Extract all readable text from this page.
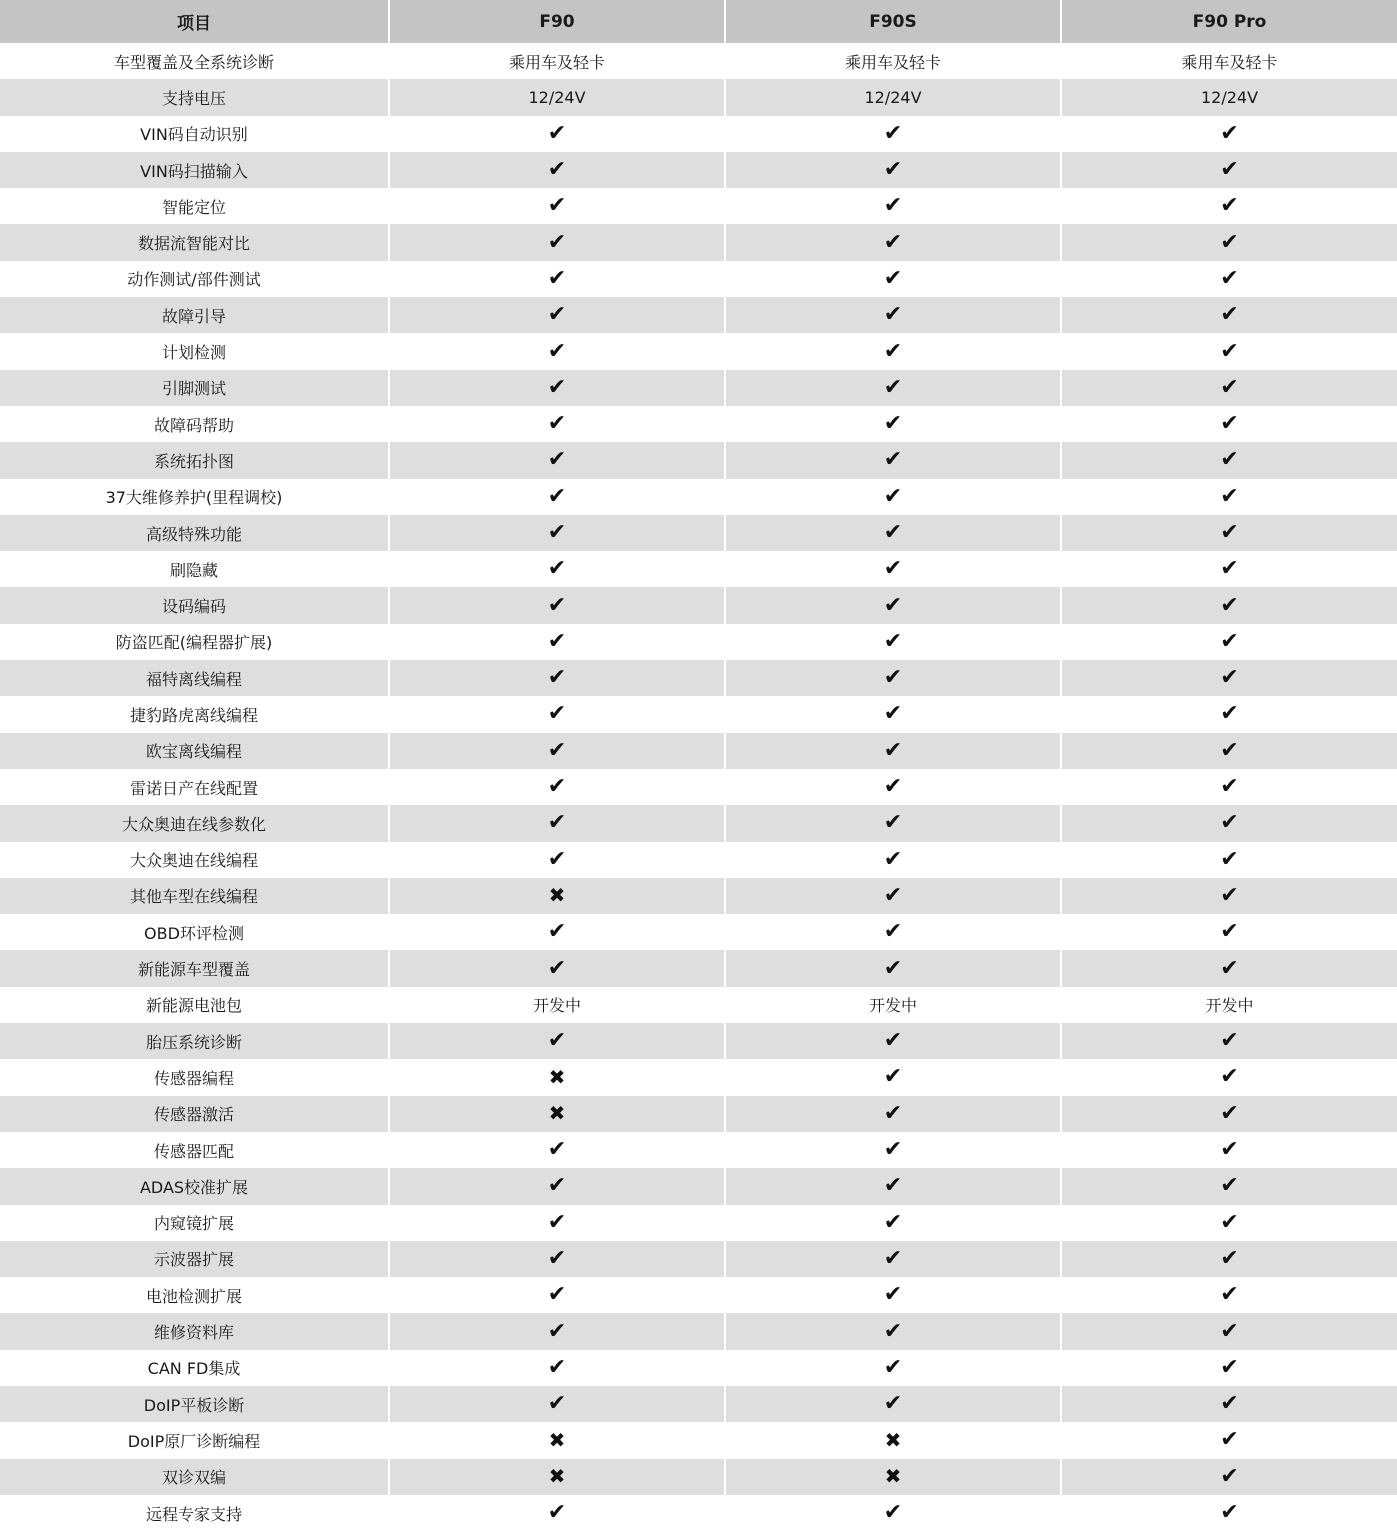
项目	F90	F90S	F90 Pro
车型覆盖及全系统诊断	乘用车及轻卡	乘用车及轻卡	乘用车及轻卡
支持电压	12/24V	12/24V	12/24V
VIN码自动识别	✔	✔	✔
VIN码扫描输入	✔	✔	✔
智能定位	✔	✔	✔
数据流智能对比	✔	✔	✔
动作测试/部件测试	✔	✔	✔
故障引导	✔	✔	✔
计划检测	✔	✔	✔
引脚测试	✔	✔	✔
故障码帮助	✔	✔	✔
系统拓扑图	✔	✔	✔
37大维修养护(里程调校)	✔	✔	✔
高级特殊功能	✔	✔	✔
刷隐藏	✔	✔	✔
设码编码	✔	✔	✔
防盗匹配(编程器扩展)	✔	✔	✔
福特离线编程	✔	✔	✔
捷豹路虎离线编程	✔	✔	✔
欧宝离线编程	✔	✔	✔
雷诺日产在线配置	✔	✔	✔
大众奥迪在线参数化	✔	✔	✔
大众奥迪在线编程	✔	✔	✔
其他车型在线编程	✖	✔	✔
OBD环评检测	✔	✔	✔
新能源车型覆盖	✔	✔	✔
新能源电池包	开发中	开发中	开发中
胎压系统诊断	✔	✔	✔
传感器编程	✖	✔	✔
传感器激活	✖	✔	✔
传感器匹配	✔	✔	✔
ADAS校准扩展	✔	✔	✔
内窥镜扩展	✔	✔	✔
示波器扩展	✔	✔	✔
电池检测扩展	✔	✔	✔
维修资料库	✔	✔	✔
CAN FD集成	✔	✔	✔
DoIP平板诊断	✔	✔	✔
DoIP原厂诊断编程	✖	✖	✔
双诊双编	✖	✖	✔
远程专家支持	✔	✔	✔
